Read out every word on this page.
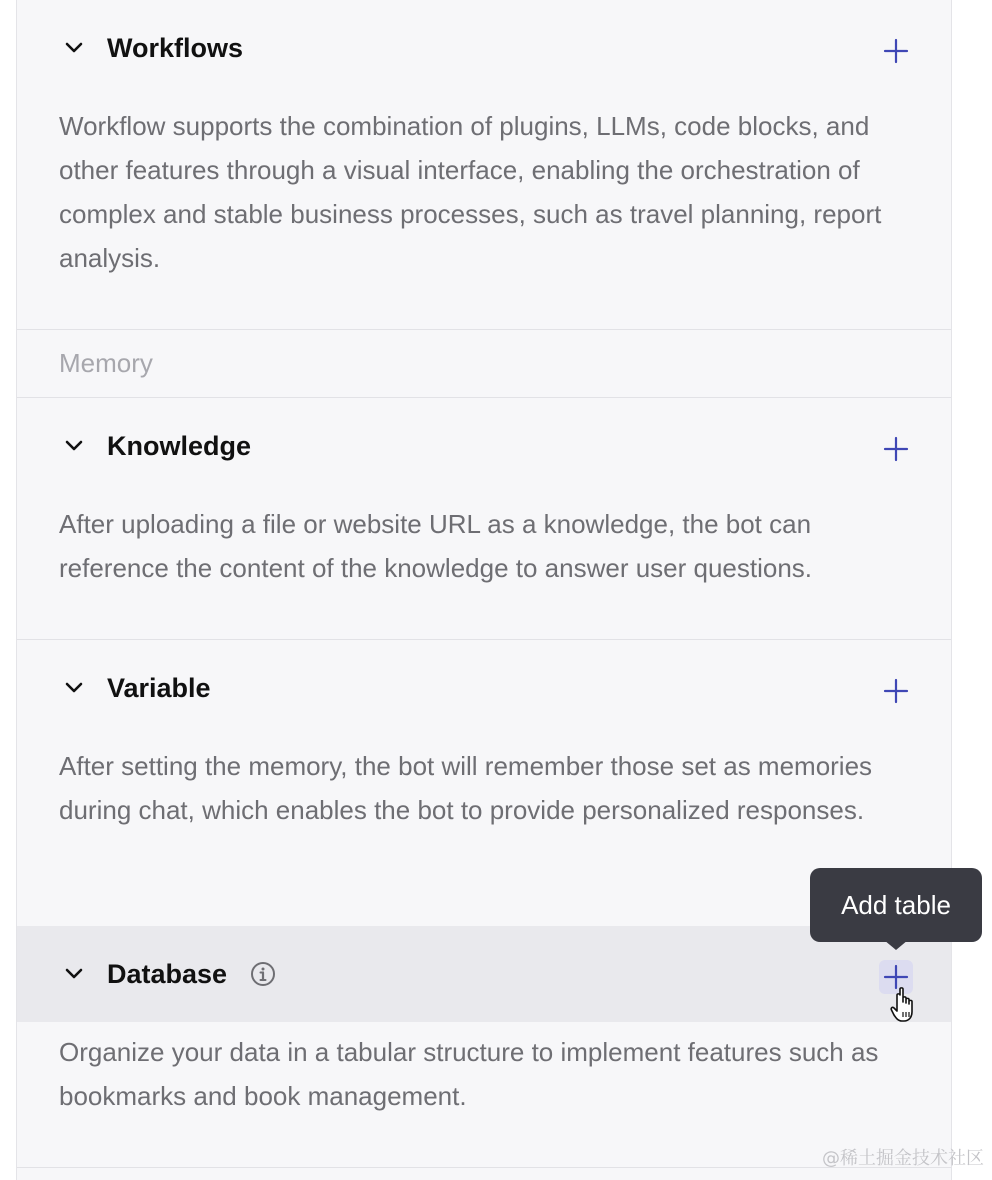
Workflows
Workflow supports the combination of plugins, LLMs, code blocks, and other features through a visual interface, enabling the orchestration of complex and stable business processes, such as travel planning, report analysis.
Memory
Knowledge
After uploading a file or website URL as a knowledge, the bot can reference the content of the knowledge to answer user questions.
Variable
After setting the memory, the bot will remember those set as memories during chat, which enables the bot to provide personalized responses.
Database
Organize your data in a tabular structure to implement features such as bookmarks and book management.
Add table
@稀土掘金技术社区
